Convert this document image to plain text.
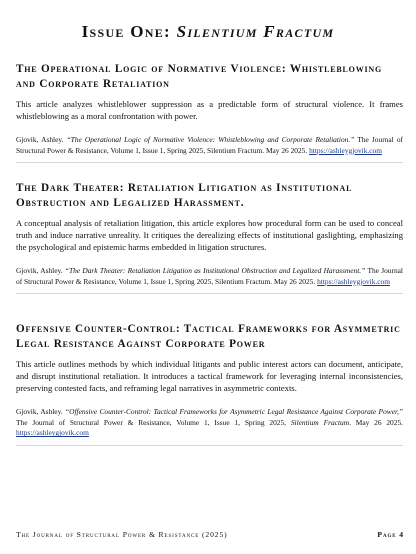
Issue One: Silentium Fractum
The Operational Logic of Normative Violence: Whistleblowing and Corporate Retaliation

This article analyzes whistleblower suppression as a predictable form of structural violence. It frames whistleblowing as a moral confrontation with power.

Gjovik, Ashley. “The Operational Logic of Normative Violence: Whistleblowing and Corporate Retaliation.” The Journal of Structural Power & Resistance, Volume 1, Issue 1, Spring 2025, Silentium Fractum. May 26 2025. https://ashleygjovik.com

The Dark Theater: Retaliation Litigation as Institutional Obstruction and Legalized Harassment.

A conceptual analysis of retaliation litigation, this article explores how procedural form can be used to conceal truth and induce narrative unreality. It critiques the derealizing effects of institutional gaslighting, emphasizing the psychological and epistemic harms embedded in litigation structures.

Gjovik, Ashley. “The Dark Theater: Retaliation Litigation as Institutional Obstruction and Legalized Harassment.” The Journal of Structural Power & Resistance, Volume 1, Issue 1, Spring 2025, Silentium Fractum. May 26 2025. https://ashleygjovik.com

Offensive Counter-Control: Tactical Frameworks for Asymmetric Legal Resistance Against Corporate Power

This article outlines methods by which individual litigants and public interest actors can document, anticipate, and disrupt institutional retaliation. It introduces a tactical framework for leveraging internal inconsistencies, preserving contested facts, and reframing legal narratives in asymmetric contexts.

Gjovik, Ashley. “Offensive Counter-Control: Tactical Frameworks for Asymmetric Legal Resistance Against Corporate Power,” The Journal of Structural Power & Resistance, Volume 1, Issue 1, Spring 2025, Silentium Fractum. May 26 2025. https://ashleygjovik.com

The Journal of Structural Power & Resistance (2025)	Page 4
